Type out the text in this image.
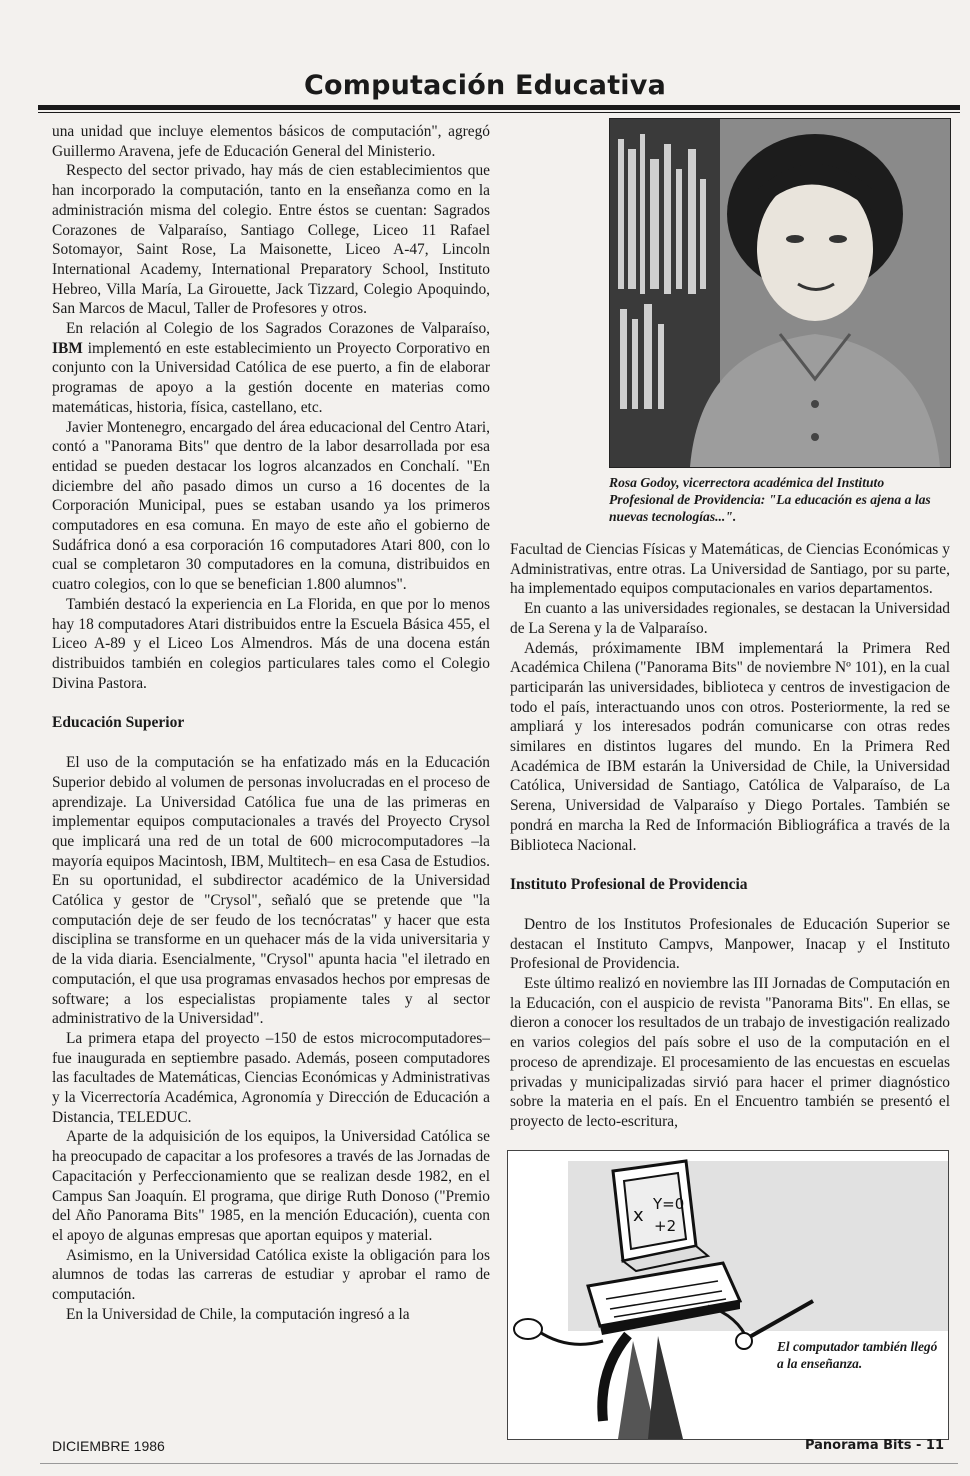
Computación Educativa

una unidad que incluye elementos básicos de computación", agregó Guillermo Aravena, jefe de Educación General del Ministerio.

Respecto del sector privado, hay más de cien establecimientos que han incorporado la computación, tanto en la enseñanza como en la administración misma del colegio. Entre éstos se cuentan: Sagrados Corazones de Valparaíso, Santiago College, Liceo 11 Rafael Sotomayor, Saint Rose, La Maisonette, Liceo A-47, Lincoln International Academy, International Preparatory School, Instituto Hebreo, Villa María, La Girouette, Jack Tizzard, Colegio Apoquindo, San Marcos de Macul, Taller de Profesores y otros.

En relación al Colegio de los Sagrados Corazones de Valparaíso, IBM implementó en este establecimiento un Proyecto Corporativo en conjunto con la Universidad Católica de ese puerto, a fin de elaborar programas de apoyo a la gestión docente en materias como matemáticas, historia, física, castellano, etc.

Javier Montenegro, encargado del área educacional del Centro Atari, contó a "Panorama Bits" que dentro de la labor desarrollada por esa entidad se pueden destacar los logros alcanzados en Conchalí. "En diciembre del año pasado dimos un curso a 16 docentes de la Corporación Municipal, pues se estaban usando ya los primeros computadores en esa comuna. En mayo de este año el gobierno de Sudáfrica donó a esa corporación 16 computadores Atari 800, con lo cual se completaron 30 computadores en la comuna, distribuidos en cuatro colegios, con lo que se benefician 1.800 alumnos".

También destacó la experiencia en La Florida, en que por lo menos hay 18 computadores Atari distribuidos entre la Escuela Básica 455, el Liceo A-89 y el Liceo Los Almendros. Más de una docena están distribuidos también en colegios particulares tales como el Colegio Divina Pastora.

Educación Superior

El uso de la computación se ha enfatizado más en la Educación Superior debido al volumen de personas involucradas en el proceso de aprendizaje. La Universidad Católica fue una de las primeras en implementar equipos computacionales a través del Proyecto Crysol que implicará una red de un total de 600 microcomputadores –la mayoría equipos Macintosh, IBM, Multitech– en esa Casa de Estudios. En su oportunidad, el subdirector académico de la Universidad Católica y gestor de "Crysol", señaló que se pretende que "la computación deje de ser feudo de los tecnócratas" y hacer que esta disciplina se transforme en un quehacer más de la vida universitaria y de la vida diaria. Esencialmente, "Crysol" apunta hacia "el iletrado en computación, el que usa programas envasados hechos por empresas de software; a los especialistas propiamente tales y al sector administrativo de la Universidad".

La primera etapa del proyecto –150 de estos microcomputadores– fue inaugurada en septiembre pasado. Además, poseen computadores las facultades de Matemáticas, Ciencias Económicas y Administrativas y la Vicerrectoría Académica, Agronomía y Dirección de Educación a Distancia, TELEDUC.

Aparte de la adquisición de los equipos, la Universidad Católica se ha preocupado de capacitar a los profesores a través de las Jornadas de Capacitación y Perfeccionamiento que se realizan desde 1982, en el Campus San Joaquín. El programa, que dirige Ruth Donoso ("Premio del Año Panorama Bits" 1985, en la mención Educación), cuenta con el apoyo de algunas empresas que aportan equipos y material.

Asimismo, en la Universidad Católica existe la obligación para los alumnos de todas las carreras de estudiar y aprobar el ramo de computación.

En la Universidad de Chile, la computación ingresó a la

Rosa Godoy, vicerrectora académica del Instituto Profesional de Providencia: "La educación es ajena a las nuevas tecnologías...".

Facultad de Ciencias Físicas y Matemáticas, de Ciencias Económicas y Administrativas, entre otras. La Universidad de Santiago, por su parte, ha implementado equipos computacionales en varios departamentos.

En cuanto a las universidades regionales, se destacan la Universidad de La Serena y la de Valparaíso.

Además, próximamente IBM implementará la Primera Red Académica Chilena ("Panorama Bits" de noviembre Nº 101), en la cual participarán las universidades, biblioteca y centros de investigacion de todo el país, interactuando unos con otros. Posteriormente, la red se ampliará y los interesados podrán comunicarse con otras redes similares en distintos lugares del mundo. En la Primera Red Académica de IBM estarán la Universidad de Chile, la Universidad Católica, Universidad de Santiago, Católica de Valparaíso, de La Serena, Universidad de Valparaíso y Diego Portales. También se pondrá en marcha la Red de Información Bibliográfica a través de la Biblioteca Nacional.

Instituto Profesional de Providencia

Dentro de los Institutos Profesionales de Educación Superior se destacan el Instituto Campvs, Manpower, Inacap y el Instituto Profesional de Providencia.

Este último realizó en noviembre las III Jornadas de Computación en la Educación, con el auspicio de revista "Panorama Bits". En ellas, se dieron a conocer los resultados de un trabajo de investigación realizado en varios colegios del país sobre el uso de la computación en el proceso de aprendizaje. El procesamiento de las encuestas en escuelas privadas y municipalizadas sirvió para hacer el primer diagnóstico sobre la materia en el país. En el Encuentro también se presentó el proyecto de lecto-escritura,

x
Y=0
+2
El computador también llegó a la enseñanza.
DICIEMBRE 1986	Panorama Bits - 11
